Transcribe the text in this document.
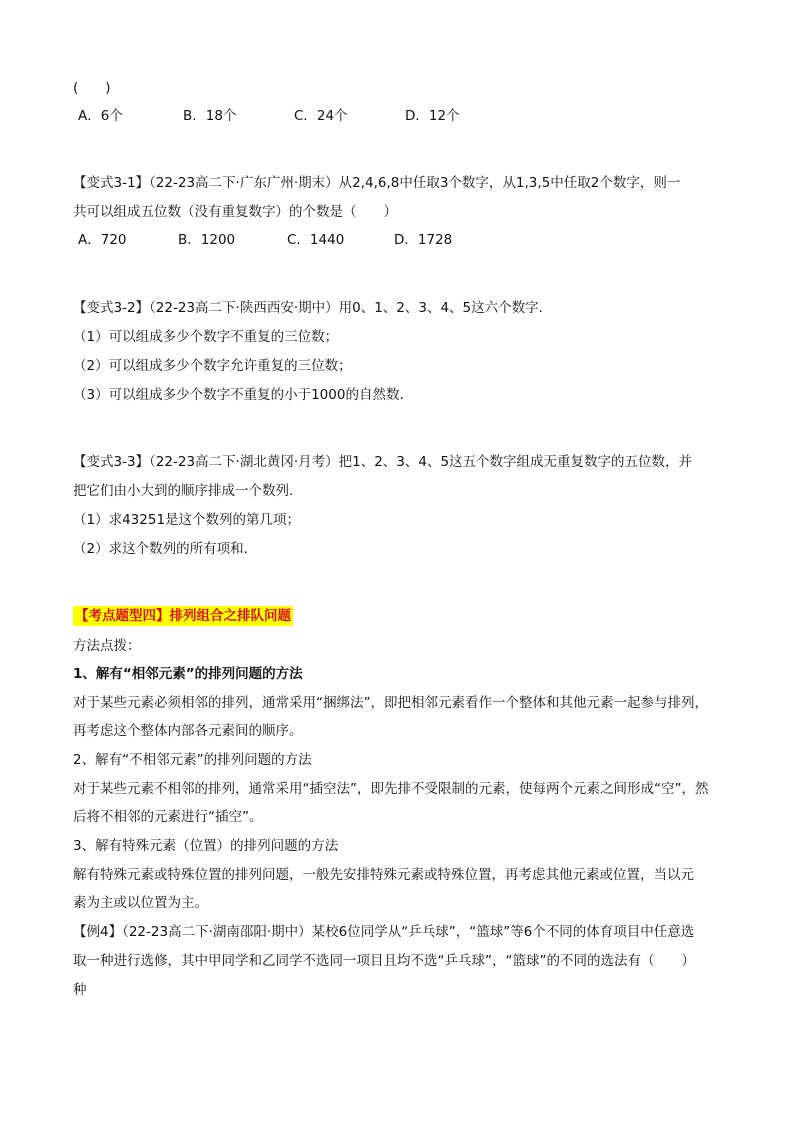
(　　)
A．6个	B．18个	C．24个	D．12个
【变式3-1】（22-23高二下·广东广州·期末）从2,4,6,8中任取3个数字，从1,3,5中任取2个数字，则一
共可以组成五位数（没有重复数字）的个数是（　　）
A．720	B．1200	C．1440	D．1728
【变式3-2】（22-23高二下·陕西西安·期中）用0、1、2、3、4、5这六个数字.
（1）可以组成多少个数字不重复的三位数；
（2）可以组成多少个数字允许重复的三位数；
（3）可以组成多少个数字不重复的小于1000的自然数.
【变式3-3】（22-23高二下·湖北黄冈·月考）把1、2、3、4、5这五个数字组成无重复数字的五位数，并
把它们由小大到的顺序排成一个数列.
（1）求43251是这个数列的第几项；
（2）求这个数列的所有项和.
【考点题型四】排列组合之排队问题
方法点拨：
1、解有“相邻元素”的排列问题的方法
对于某些元素必须相邻的排列，通常采用“捆绑法”，即把相邻元素看作一个整体和其他元素一起参与排列，
再考虑这个整体内部各元素间的顺序。
2、解有“不相邻元素”的排列问题的方法
对于某些元素不相邻的排列，通常采用“插空法”，即先排不受限制的元素，使每两个元素之间形成“空”，然
后将不相邻的元素进行“插空”。
3、解有特殊元素（位置）的排列问题的方法
解有特殊元素或特殊位置的排列问题，一般先安排特殊元素或特殊位置，再考虑其他元素或位置，当以元
素为主或以位置为主。
【例4】（22-23高二下·湖南邵阳·期中）某校6位同学从“乒乓球”，“篮球”等6个不同的体育项目中任意选
取一种进行选修，其中甲同学和乙同学不选同一项目且均不选“乒乓球”，“篮球”的不同的选法有（　　）
种
